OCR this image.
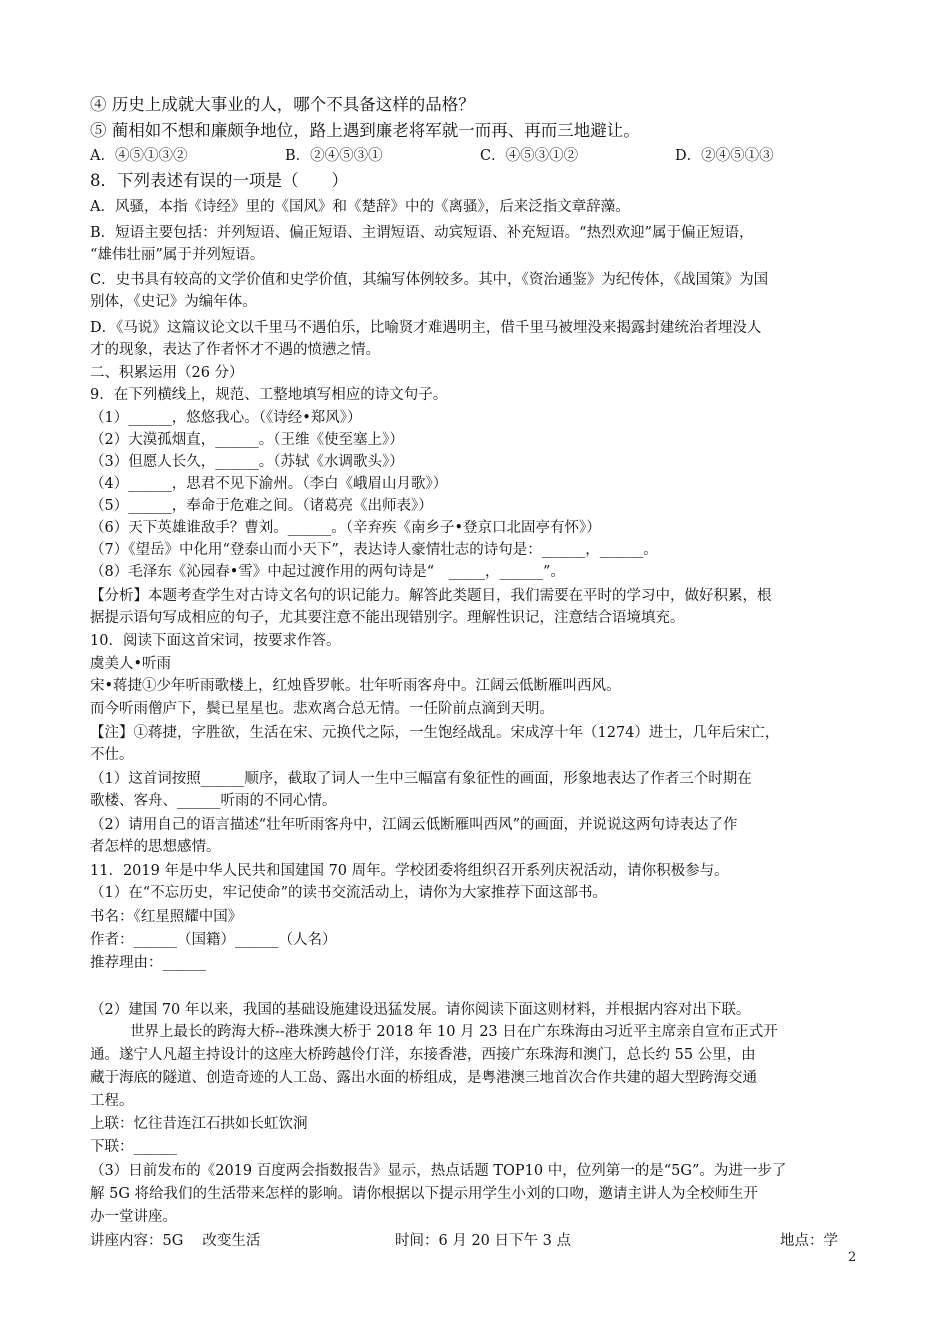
④ 历史上成就大事业的人，哪个不具备这样的品格？
⑤ 蔺相如不想和廉颇争地位，路上遇到廉老将军就一而再、再而三地避让。
A．④⑤①③②	B．②④⑤③①	C．④⑤③①②	D．②④⑤①③
8．下列表述有误的一项是（　　）
A．风骚，本指《诗经》里的《国风》和《楚辞》中的《离骚》，后来泛指文章辞藻。
B．短语主要包括：并列短语、偏正短语、主谓短语、动宾短语、补充短语。“热烈欢迎”属于偏正短语，
“雄伟壮丽”属于并列短语。
C．史书具有较高的文学价值和史学价值，其编写体例较多。其中，《资治通鉴》为纪传体，《战国策》为国
别体，《史记》为编年体。
D．《马说》这篇议论文以千里马不遇伯乐，比喻贤才难遇明主，借千里马被埋没来揭露封建统治者埋没人
才的现象，表达了作者怀才不遇的愤懑之情。
二、积累运用（26 分）
9．在下列横线上，规范、工整地填写相应的诗文句子。
（1）______，悠悠我心。（《诗经•郑风》）
（2）大漠孤烟直，______。（王维《使至塞上》）
（3）但愿人长久，______。（苏轼《水调歌头》）
（4）______，思君不见下渝州。（李白《峨眉山月歌》）
（5）______，奉命于危难之间。（诸葛亮《出师表》）
（6）天下英雄谁敌手？曹刘。______。（辛弃疾《南乡子•登京口北固亭有怀》）
（7）《望岳》中化用“登泰山而小天下”，表达诗人豪情壮志的诗句是：______，______。
（8）毛泽东《沁园春•雪》中起过渡作用的两句诗是“　_____，______”。
【分析】本题考查学生对古诗文名句的识记能力。解答此类题目，我们需要在平时的学习中，做好积累，根
据提示语句写成相应的句子，尤其要注意不能出现错别字。理解性识记，注意结合语境填充。
10．阅读下面这首宋词，按要求作答。
虞美人•听雨
宋•蒋捷①少年听雨歌楼上，红烛昏罗帐。壮年听雨客舟中。江阔云低断雁叫西风。
而今听雨僧庐下，鬓已星星也。悲欢离合总无情。一任阶前点滴到天明。
【注】①蒋捷，字胜欲，生活在宋、元换代之际，一生饱经战乱。宋成淳十年（1274）进士，几年后宋亡，
不仕。
（1）这首词按照______顺序，截取了词人一生中三幅富有象征性的画面，形象地表达了作者三个时期在
歌楼、客舟、______听雨的不同心情。
（2）请用自己的语言描述“壮年听雨客舟中，江阔云低断雁叫西风”的画面，并说说这两句诗表达了作
者怎样的思想感情。
11．2019 年是中华人民共和国建国 70 周年。学校团委将组织召开系列庆祝活动，请你积极参与。
（1）在“不忘历史，牢记使命”的读书交流活动上，请你为大家推荐下面这部书。
书名：《红星照耀中国》
作者：______（国籍）______（人名）
推荐理由：______
（2）建国 70 年以来，我国的基础设施建设迅猛发展。请你阅读下面这则材料，并根据内容对出下联。
世界上最长的跨海大桥--港珠澳大桥于 2018 年 10 月 23 日在广东珠海由习近平主席亲自宣布正式开
通。遂宁人凡超主持设计的这座大桥跨越伶仃洋，东接香港，西接广东珠海和澳门，总长约 55 公里，由
藏于海底的隧道、创造奇迹的人工岛、露出水面的桥组成，是粤港澳三地首次合作共建的超大型跨海交通
工程。
上联：忆往昔连江石拱如长虹饮涧
下联：______
（3）日前发布的《2019 百度两会指数报告》显示，热点话题 TOP10 中，位列第一的是“5G”。为进一步了
解 5G 将给我们的生活带来怎样的影响。请你根据以下提示用学生小刘的口吻，邀请主讲人为全校师生开
办一堂讲座。
讲座内容：5G　 改变生活	时间：6 月 20 日下午 3 点	地点：学
2
